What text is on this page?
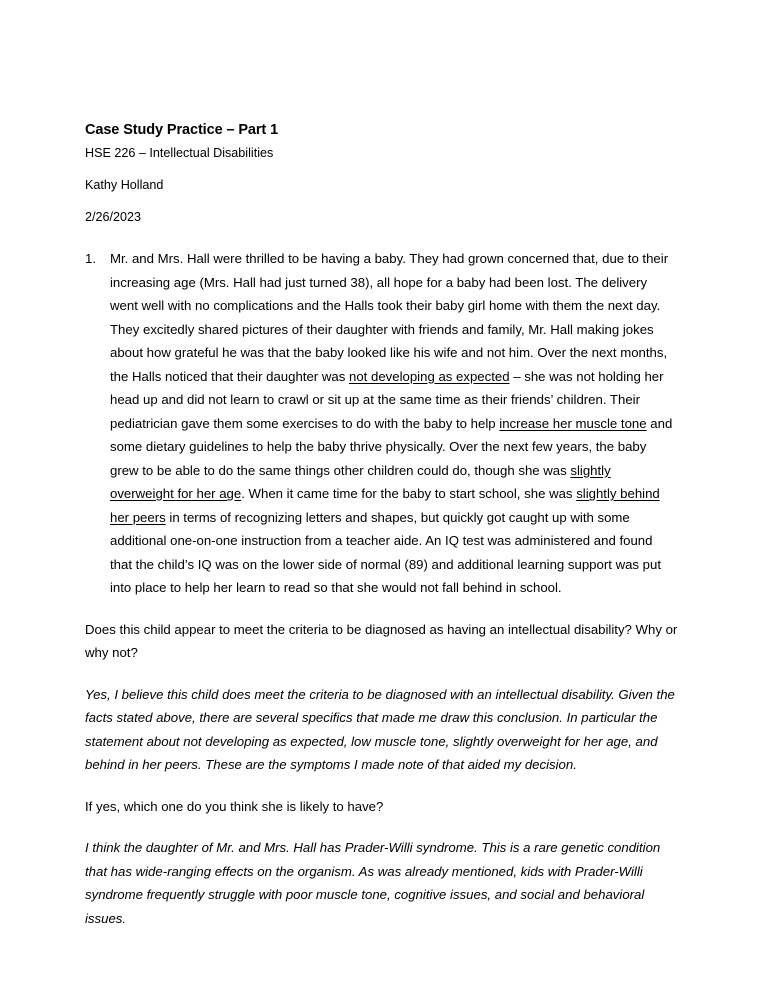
Case Study Practice – Part 1

HSE 226 – Intellectual Disabilities

Kathy Holland

2/26/2023

1. Mr. and Mrs. Hall were thrilled to be having a baby. They had grown concerned that, due to their increasing age (Mrs. Hall had just turned 38), all hope for a baby had been lost. The delivery went well with no complications and the Halls took their baby girl home with them the next day. They excitedly shared pictures of their daughter with friends and family, Mr. Hall making jokes about how grateful he was that the baby looked like his wife and not him. Over the next months, the Halls noticed that their daughter was not developing as expected – she was not holding her head up and did not learn to crawl or sit up at the same time as their friends’ children. Their pediatrician gave them some exercises to do with the baby to help increase her muscle tone and some dietary guidelines to help the baby thrive physically. Over the next few years, the baby grew to be able to do the same things other children could do, though she was slightly overweight for her age. When it came time for the baby to start school, she was slightly behind her peers in terms of recognizing letters and shapes, but quickly got caught up with some additional one-on-one instruction from a teacher aide. An IQ test was administered and found that the child’s IQ was on the lower side of normal (89) and additional learning support was put into place to help her learn to read so that she would not fall behind in school.

Does this child appear to meet the criteria to be diagnosed as having an intellectual disability? Why or why not?

Yes, I believe this child does meet the criteria to be diagnosed with an intellectual disability. Given the facts stated above, there are several specifics that made me draw this conclusion. In particular the statement about not developing as expected, low muscle tone, slightly overweight for her age, and behind in her peers. These are the symptoms I made note of that aided my decision.

If yes, which one do you think she is likely to have?

I think the daughter of Mr. and Mrs. Hall has Prader-Willi syndrome. This is a rare genetic condition that has wide-ranging effects on the organism. As was already mentioned, kids with Prader-Willi syndrome frequently struggle with poor muscle tone, cognitive issues, and social and behavioral issues.
